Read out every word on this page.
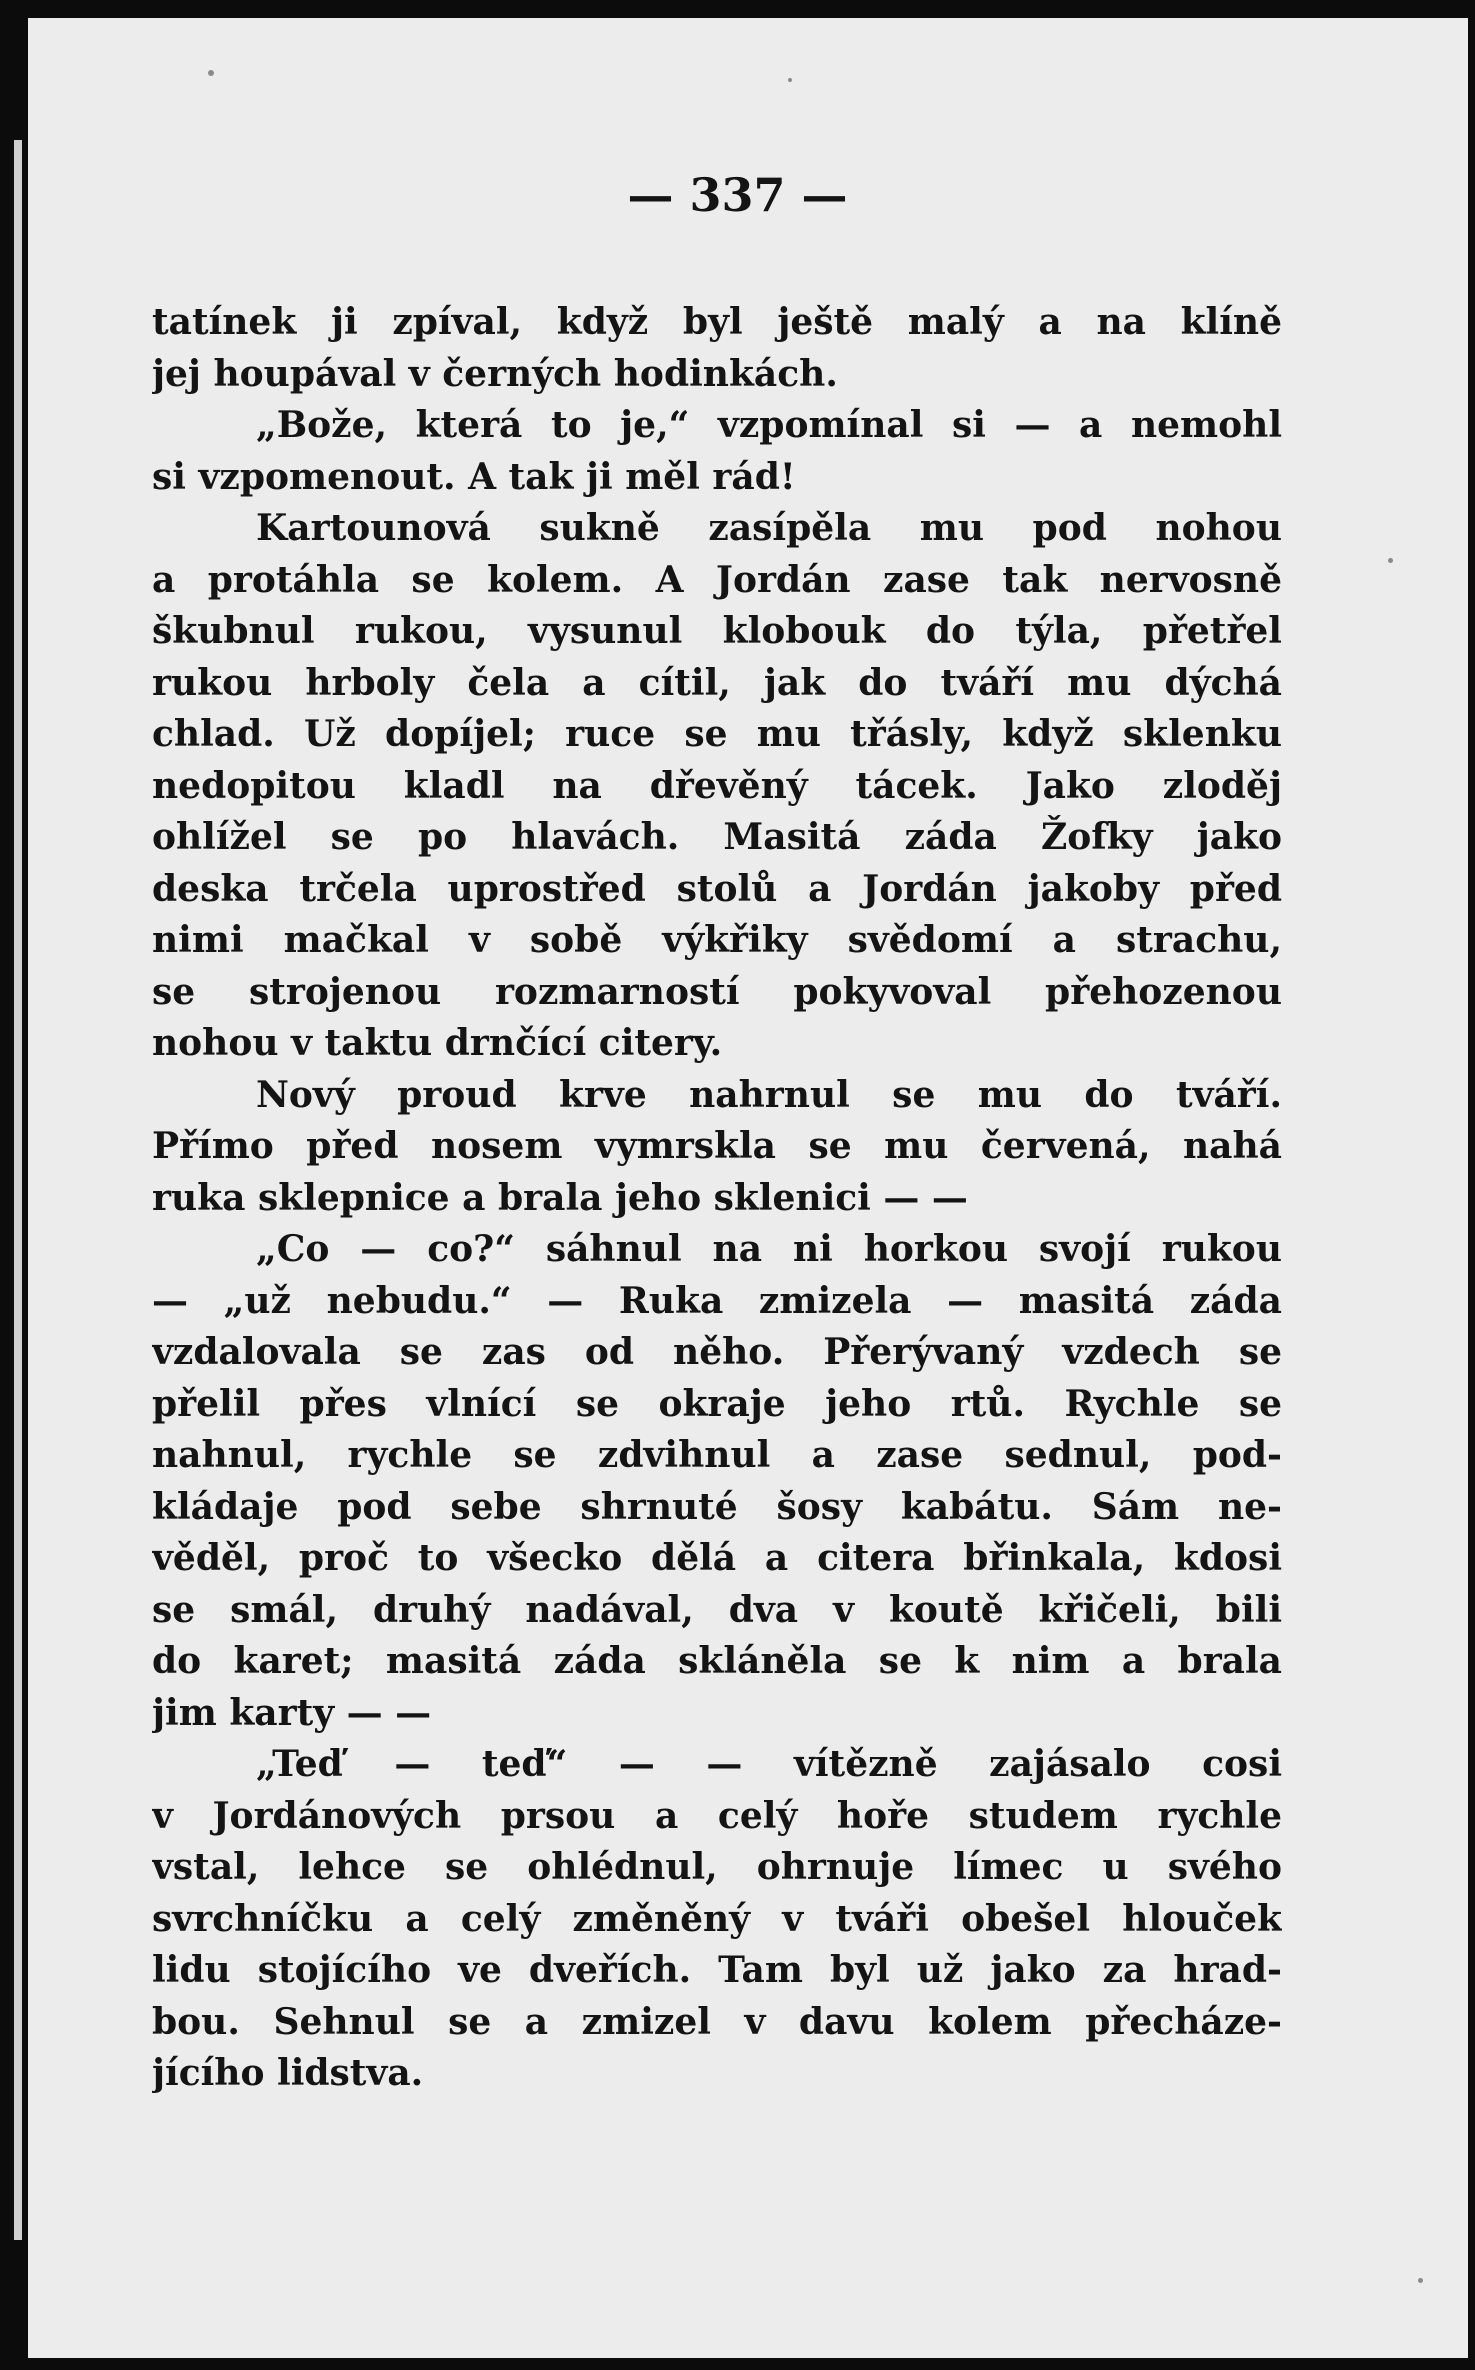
— 337 —
tatínek ji zpíval, když byl ještě malý a na klíně
jej houpával v černých hodinkách.
„Bože, která to je,“ vzpomínal si — a nemohl
si vzpomenout. A tak ji měl rád!
Kartounová sukně zasípěla mu pod nohou
a protáhla se kolem. A Jordán zase tak nervosně
škubnul rukou, vysunul klobouk do týla, přetřel
rukou hrboly čela a cítil, jak do tváří mu dýchá
chlad. Už dopíjel; ruce se mu třásly, když sklenku
nedopitou kladl na dřevěný tácek. Jako zloděj
ohlížel se po hlavách. Masitá záda Žofky jako
deska trčela uprostřed stolů a Jordán jakoby před
nimi mačkal v sobě výkřiky svědomí a strachu,
se strojenou rozmarností pokyvoval přehozenou
nohou v taktu drnčící citery.
Nový proud krve nahrnul se mu do tváří.
Přímo před nosem vymrskla se mu červená, nahá
ruka sklepnice a brala jeho sklenici — —
„Co — co?“ sáhnul na ni horkou svojí rukou
— „už nebudu.“ — Ruka zmizela — masitá záda
vzdalovala se zas od něho. Přerývaný vzdech se
přelil přes vlnící se okraje jeho rtů. Rychle se
nahnul, rychle se zdvihnul a zase sednul, pod-
kládaje pod sebe shrnuté šosy kabátu. Sám ne-
věděl, proč to všecko dělá a citera břinkala, kdosi
se smál, druhý nadával, dva v koutě křičeli, bili
do karet; masitá záda skláněla se k nim a brala
jim karty — —
„Teď — teď“ — — vítězně zajásalo cosi
v Jordánových prsou a celý hoře studem rychle
vstal, lehce se ohlédnul, ohrnuje límec u svého
svrchníčku a celý změněný v tváři obešel hlouček
lidu stojícího ve dveřích. Tam byl už jako za hrad-
bou. Sehnul se a zmizel v davu kolem přecháze-
jícího lidstva.
